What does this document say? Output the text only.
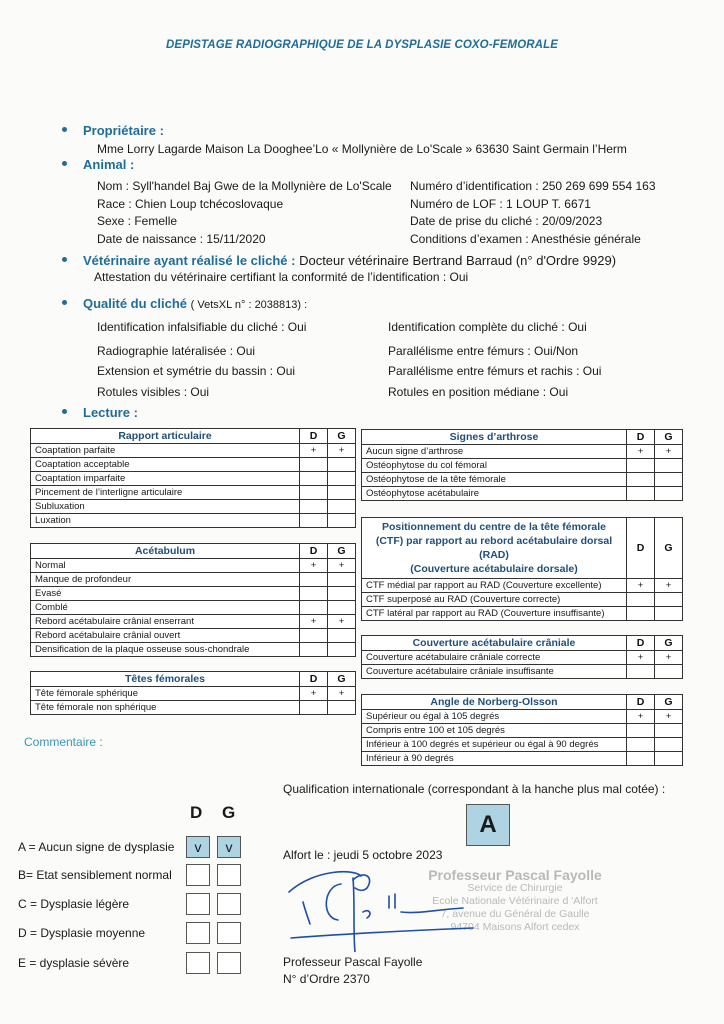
DEPISTAGE RADIOGRAPHIQUE DE LA DYSPLASIE COXO-FEMORALE
Propriétaire :
Mme Lorry Lagarde Maison La Dooghee’Lo « Mollynière de Lo'Scale » 63630 Saint Germain l’Herm
Animal :
Nom : Syll'handel Baj Gwe de la Mollynière de Lo'Scale
Race : Chien Loup tchécoslovaque
Sexe : Femelle
Date de naissance : 15/11/2020
Numéro d’identification : 250 269 699 554 163
Numéro de LOF : 1 LOUP T. 6671
Date de prise du cliché : 20/09/2023
Conditions d’examen : Anesthésie générale
Vétérinaire ayant réalisé le cliché : Docteur vétérinaire Bertrand Barraud (n° d'Ordre 9929)
Attestation du vétérinaire certifiant la conformité de l’identification : Oui
Qualité du cliché ( VetsXL n° : 2038813) :
Identification infalsifiable du cliché : Oui
Radiographie latéralisée : Oui
Extension et symétrie du bassin : Oui
Rotules visibles : Oui
Identification complète du cliché : Oui
Parallélisme entre fémurs : Oui/Non
Parallélisme entre fémurs et rachis : Oui
Rotules en position médiane : Oui
Lecture :
Rapport articulaire	D	G
Coaptation parfaite	+	+
Coaptation acceptable		
Coaptation imparfaite		
Pincement de l’interligne articulaire		
Subluxation		
Luxation		
Acétabulum	D	G
Normal	+	+
Manque de profondeur		
Evasé		
Comblé		
Rebord acétabulaire crânial enserrant	+	+
Rebord acétabulaire crânial ouvert		
Densification de la plaque osseuse sous-chondrale		
Têtes fémorales	D	G
Tête fémorale sphérique	+	+
Tête fémorale non sphérique		
Signes d’arthrose	D	G
Aucun signe d’arthrose	+	+
Ostéophytose du col fémoral		
Ostéophytose de la tête fémorale		
Ostéophytose acétabulaire		
Positionnement du centre de la tête fémorale
(CTF) par rapport au rebord acétabulaire dorsal
(RAD)
(Couverture acétabulaire dorsale)	D	G
CTF médial par rapport au RAD (Couverture excellente)	+	+
CTF superposé au RAD (Couverture correcte)		
CTF latéral par rapport au RAD (Couverture insuffisante)		
Couverture acétabulaire crâniale	D	G
Couverture acétabulaire crâniale correcte	+	+
Couverture acétabulaire crâniale insuffisante		
Angle de Norberg-Olsson	D	G
Supérieur ou égal à 105 degrés	+	+
Compris entre 100 et 105 degrés		
Inférieur à 100 degrés et supérieur ou égal à 90 degrés		
Inférieur à 90 degrés		
Commentaire :
D G
A = Aucun signe de dysplasie	v	v
B= Etat sensiblement normal
C = Dysplasie légère
D = Dysplasie moyenne
E = dysplasie sévère
Qualification internationale (correspondant à la hanche plus mal cotée) :
A
Alfort le : jeudi 5 octobre 2023
Professeur Pascal Fayolle
Service de Chirurgie
Ecole Nationale Vétérinaire d 'Alfort
7, avenue du Général de Gaulle
94704 Maisons Alfort cedex
Professeur Pascal Fayolle
N° d’Ordre 2370
